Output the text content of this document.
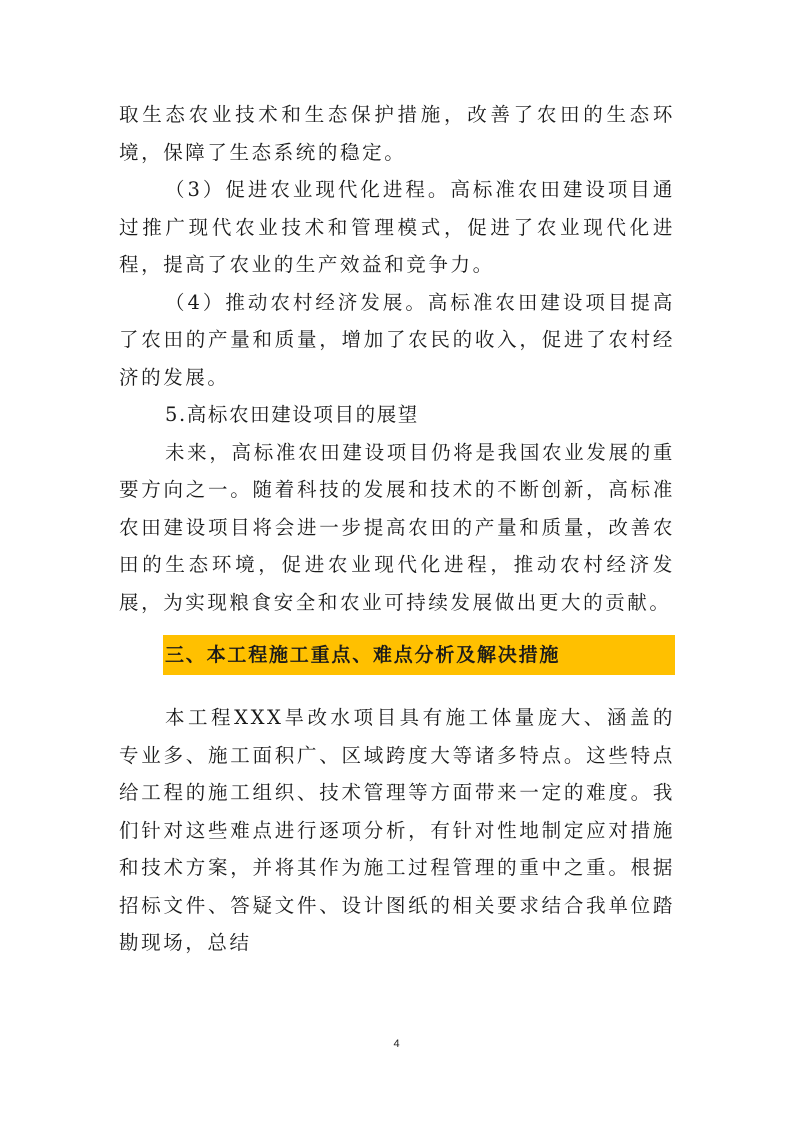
取生态农业技术和生态保护措施，改善了农田的生态环境，保障了生态系统的稳定。

（3）促进农业现代化进程。高标准农田建设项目通过推广现代农业技术和管理模式，促进了农业现代化进程，提高了农业的生产效益和竞争力。

（4）推动农村经济发展。高标准农田建设项目提高了农田的产量和质量，增加了农民的收入，促进了农村经济的发展。

5.高标农田建设项目的展望

未来，高标准农田建设项目仍将是我国农业发展的重要方向之一。随着科技的发展和技术的不断创新，高标准农田建设项目将会进一步提高农田的产量和质量，改善农田的生态环境，促进农业现代化进程，推动农村经济发展，为实现粮食安全和农业可持续发展做出更大的贡献。

三、本工程施工重点、难点分析及解决措施

本工程XXX旱改水项目具有施工体量庞大、涵盖的专业多、施工面积广、区域跨度大等诸多特点。这些特点给工程的施工组织、技术管理等方面带来一定的难度。我们针对这些难点进行逐项分析，有针对性地制定应对措施和技术方案，并将其作为施工过程管理的重中之重。根据招标文件、答疑文件、设计图纸的相关要求结合我单位踏勘现场，总结

4
